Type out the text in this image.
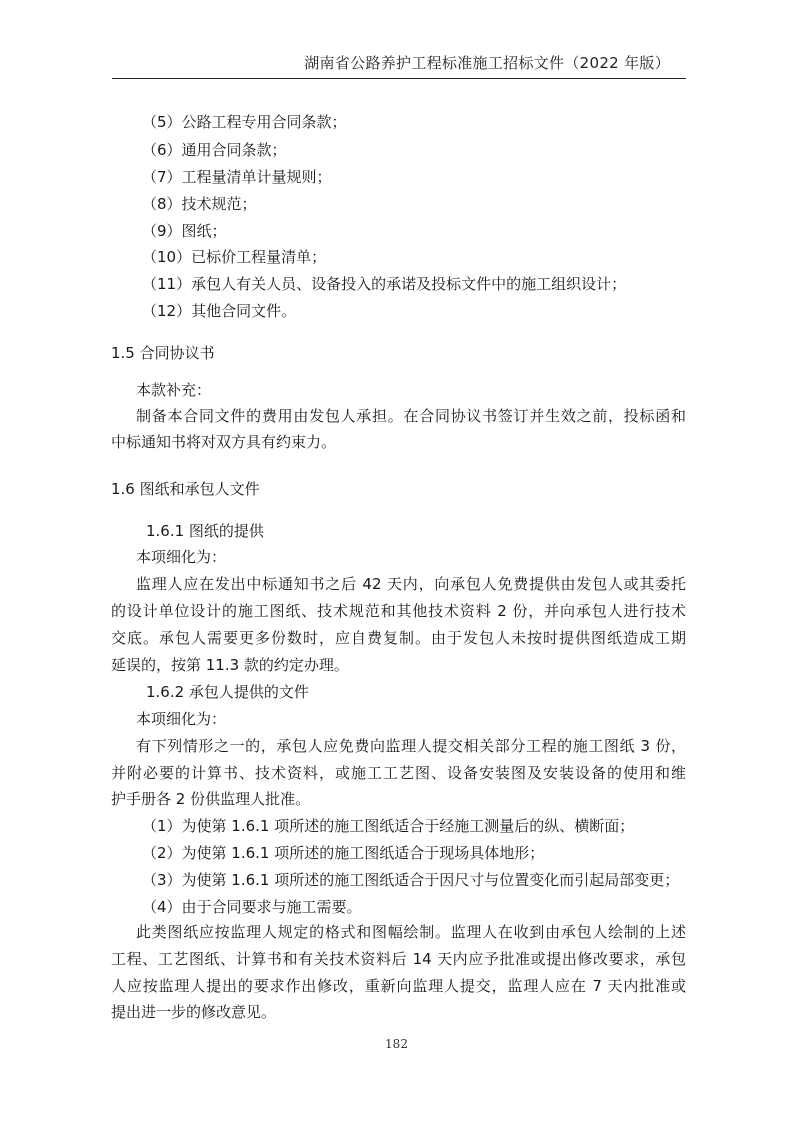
湖南省公路养护工程标准施工招标文件（2022 年版）
（5）公路工程专用合同条款；
（6）通用合同条款；
（7）工程量清单计量规则；
（8）技术规范；
（9）图纸；
（10）已标价工程量清单；
（11）承包人有关人员、设备投入的承诺及投标文件中的施工组织设计；
（12）其他合同文件。
1.5 合同协议书
本款补充：
制备本合同文件的费用由发包人承担。在合同协议书签订并生效之前，投标函和
中标通知书将对双方具有约束力。
1.6 图纸和承包人文件
1.6.1 图纸的提供
本项细化为：
监理人应在发出中标通知书之后 42 天内，向承包人免费提供由发包人或其委托
的设计单位设计的施工图纸、技术规范和其他技术资料 2 份，并向承包人进行技术
交底。承包人需要更多份数时，应自费复制。由于发包人未按时提供图纸造成工期
延误的，按第 11.3 款的约定办理。
1.6.2 承包人提供的文件
本项细化为：
有下列情形之一的，承包人应免费向监理人提交相关部分工程的施工图纸 3 份，
并附必要的计算书、技术资料，或施工工艺图、设备安装图及安装设备的使用和维
护手册各 2 份供监理人批准。
（1）为使第 1.6.1 项所述的施工图纸适合于经施工测量后的纵、横断面；
（2）为使第 1.6.1 项所述的施工图纸适合于现场具体地形；
（3）为使第 1.6.1 项所述的施工图纸适合于因尺寸与位置变化而引起局部变更；
（4）由于合同要求与施工需要。
此类图纸应按监理人规定的格式和图幅绘制。监理人在收到由承包人绘制的上述
工程、工艺图纸、计算书和有关技术资料后 14 天内应予批准或提出修改要求，承包
人应按监理人提出的要求作出修改，重新向监理人提交，监理人应在 7 天内批准或
提出进一步的修改意见。
182
